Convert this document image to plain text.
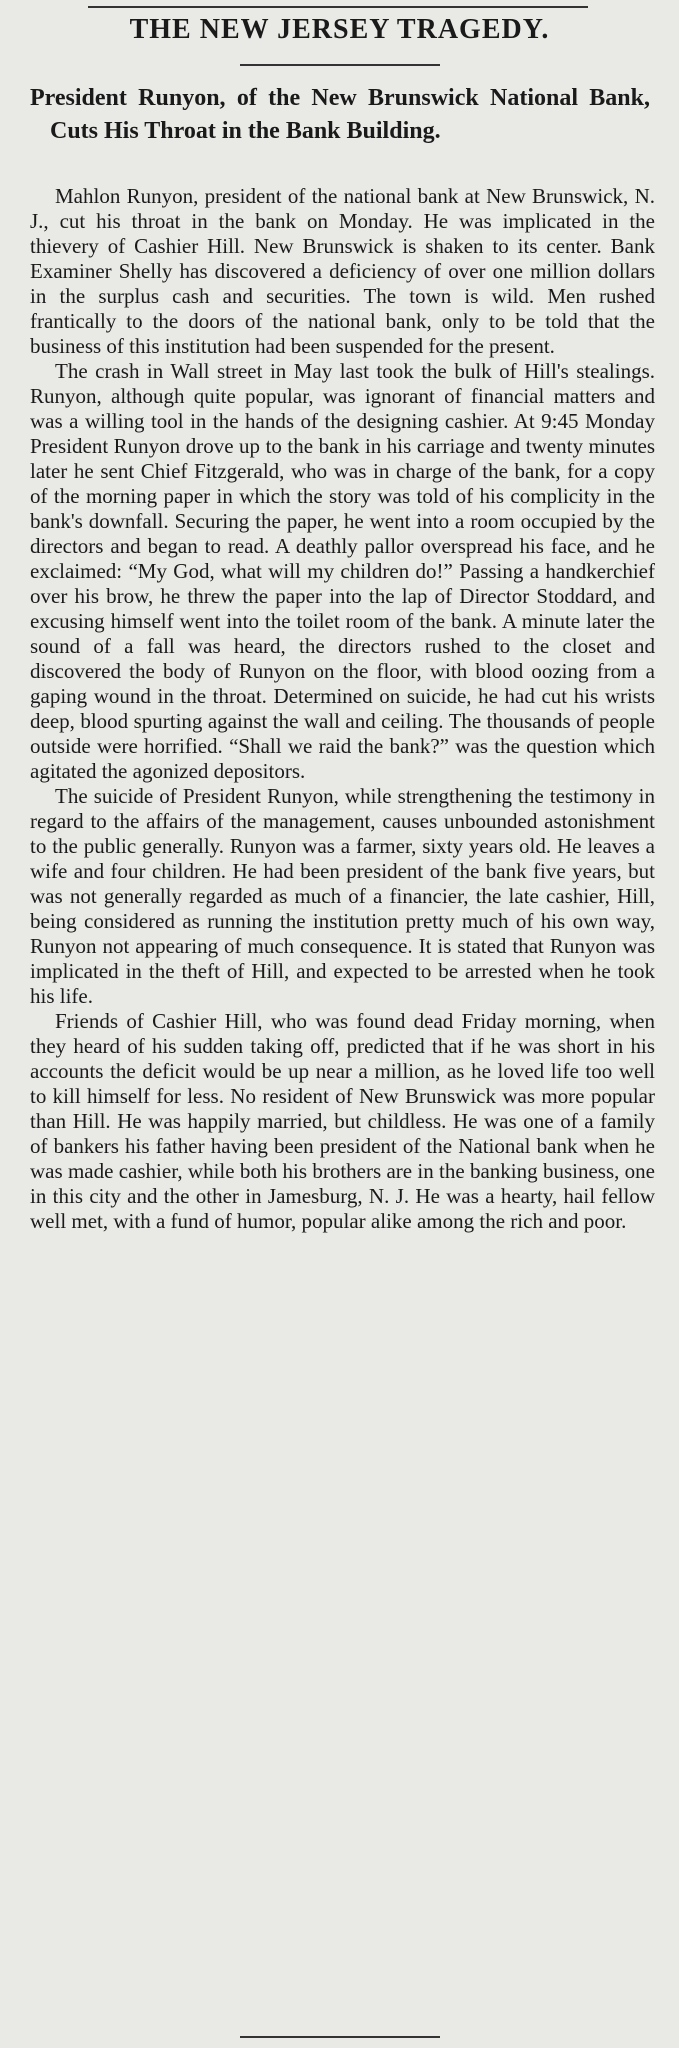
THE NEW JERSEY TRAGEDY.
President Runyon, of the New Brunswick National Bank, Cuts His Throat in the Bank Building.

Mahlon Runyon, president of the national bank at New Brunswick, N. J., cut his throat in the bank on Monday. He was implicated in the thievery of Cashier Hill. New Brunswick is shaken to its center. Bank Examiner Shelly has discovered a deficiency of over one million dollars in the surplus cash and securities. The town is wild. Men rushed frantically to the doors of the national bank, only to be told that the business of this institution had been suspended for the present.

The crash in Wall street in May last took the bulk of Hill's stealings. Runyon, although quite popular, was ignorant of financial matters and was a willing tool in the hands of the designing cashier. At 9:45 Monday President Runyon drove up to the bank in his carriage and twenty minutes later he sent Chief Fitzgerald, who was in charge of the bank, for a copy of the morning paper in which the story was told of his complicity in the bank's downfall. Securing the paper, he went into a room occupied by the directors and began to read. A deathly pallor overspread his face, and he exclaimed: “My God, what will my children do!” Passing a handkerchief over his brow, he threw the paper into the lap of Director Stoddard, and excusing himself went into the toilet room of the bank. A minute later the sound of a fall was heard, the directors rushed to the closet and discovered the body of Runyon on the floor, with blood oozing from a gaping wound in the throat. Determined on suicide, he had cut his wrists deep, blood spurting against the wall and ceiling. The thousands of people outside were horrified. “Shall we raid the bank?” was the question which agitated the agonized depositors.

The suicide of President Runyon, while strengthening the testimony in regard to the affairs of the management, causes unbounded astonishment to the public generally. Runyon was a farmer, sixty years old. He leaves a wife and four children. He had been president of the bank five years, but was not generally regarded as much of a financier, the late cashier, Hill, being considered as running the institution pretty much of his own way, Runyon not appearing of much consequence. It is stated that Runyon was implicated in the theft of Hill, and expected to be arrested when he took his life.

Friends of Cashier Hill, who was found dead Friday morning, when they heard of his sudden taking off, predicted that if he was short in his accounts the deficit would be up near a million, as he loved life too well to kill himself for less. No resident of New Brunswick was more popular than Hill. He was happily married, but childless. He was one of a family of bankers his father having been president of the National bank when he was made cashier, while both his brothers are in the banking business, one in this city and the other in Jamesburg, N. J. He was a hearty, hail fellow well met, with a fund of humor, popular alike among the rich and poor.
